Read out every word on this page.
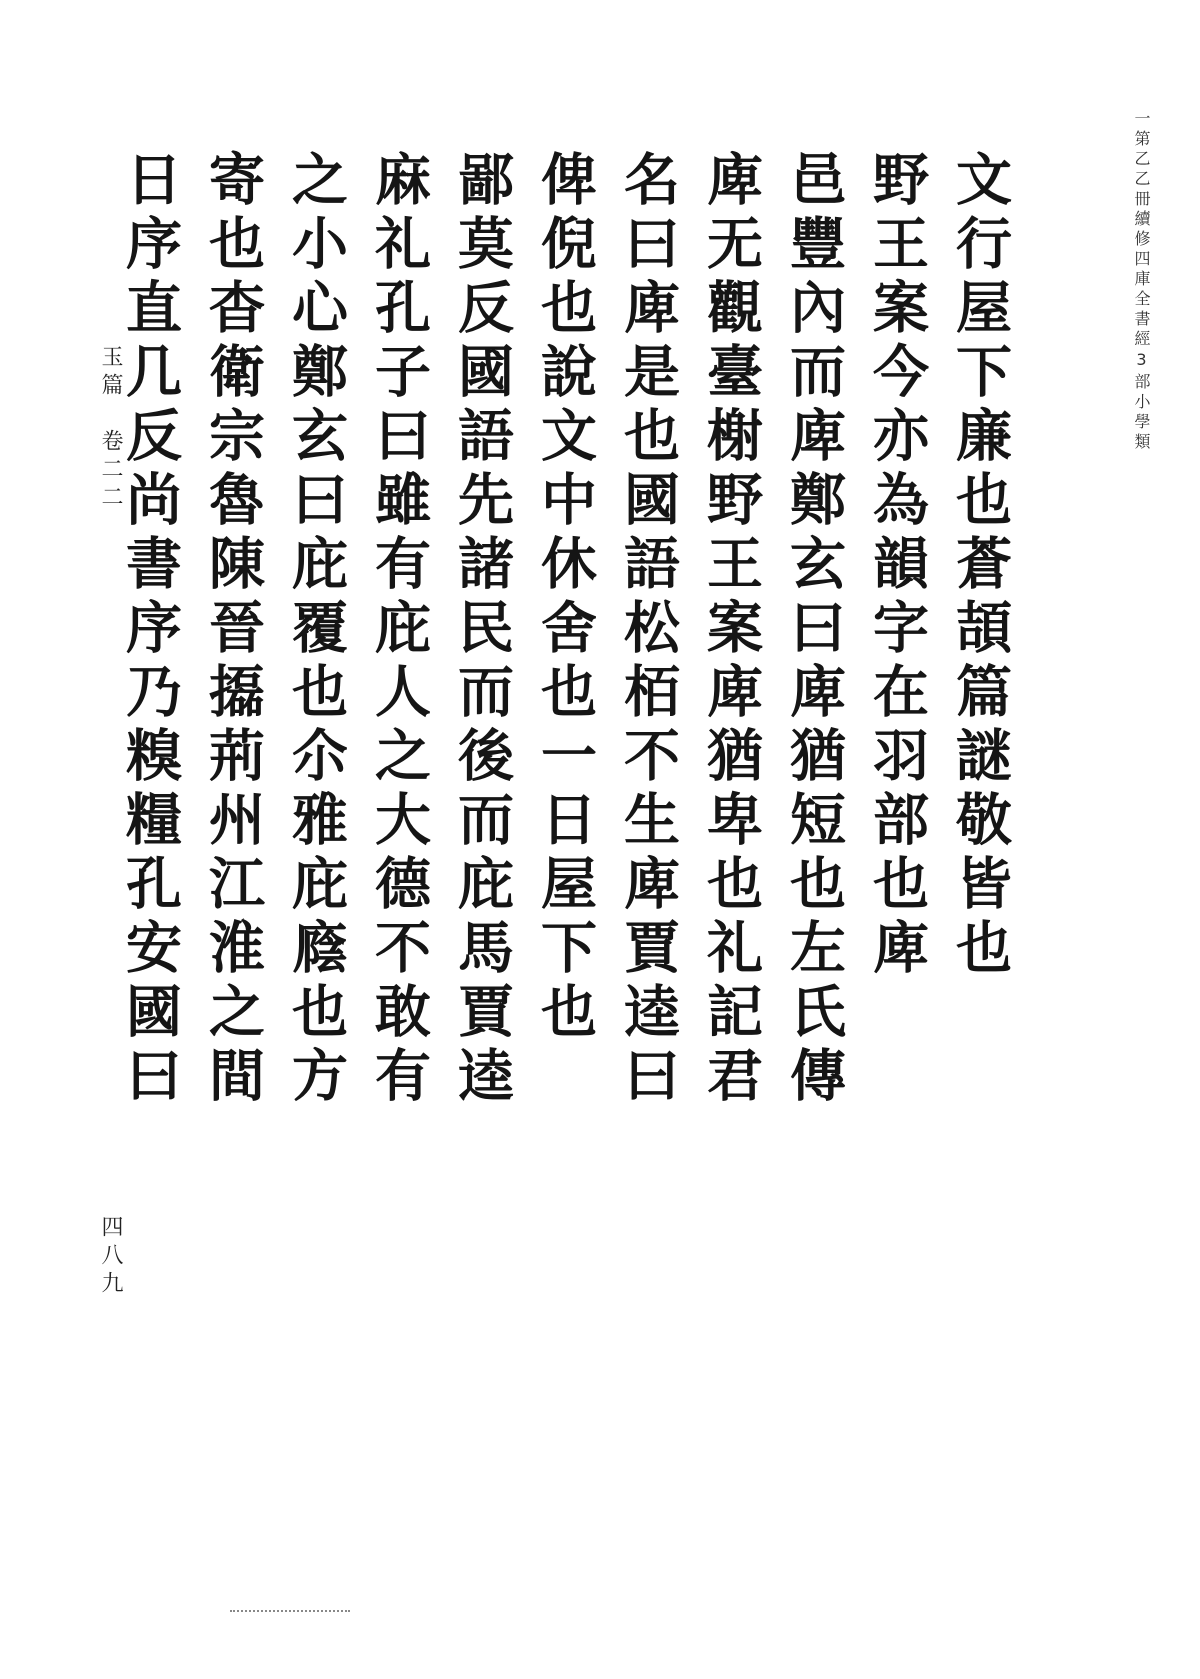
一第乙乙冊續修四庫全書經3部小學類
文行屋下廉也蒼頡篇謎敬皆也
野王案今亦為韻字在羽部也庳
邑豐內而庳鄭玄曰庳猶短也左氏傳
庳无觀臺榭野王案庳猶卑也礼記君
名曰庳是也國語松栢不生庳賈逵曰
俾倪也說文中休舍也一日屋下也
鄙莫反國語先諸民而後而庇馬賈逵
麻礼孔子曰雖有庇人之大德不敢有
之小心鄭玄曰庇覆也尒雅庇廕也方
寄也杳衛宗魯陳晉㩡荊州江淮之間
日序直几反尚書序乃糗糧孔安國曰
玉篇　卷二二
四八九
